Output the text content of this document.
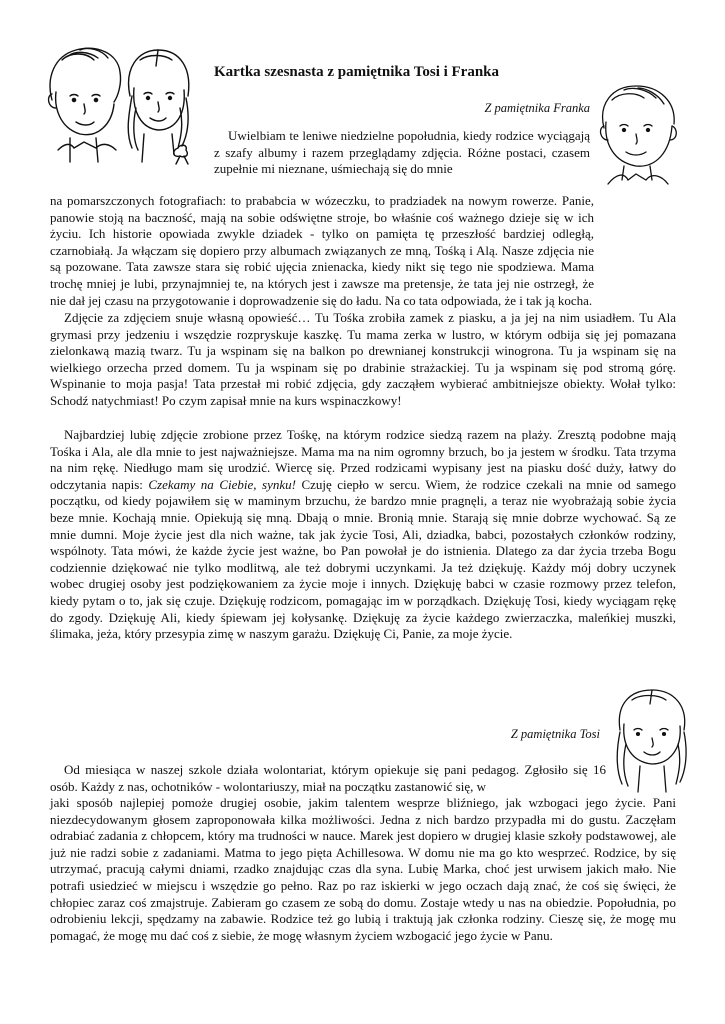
Kartka szesnasta z pamiętnika Tosi i Franka
Z pamiętnika Franka

Uwielbiam te leniwe niedzielne popołudnia, kiedy rodzice wyciągają z szafy albumy i razem przeglądamy zdjęcia. Różne postaci, czasem zupełnie mi nieznane, uśmiechają się do mnie

na pomarszczonych fotografiach: to prababcia w wózeczku, to pradziadek na nowym rowerze. Panie, panowie stoją na baczność, mają na sobie odświętne stroje, bo właśnie coś ważnego dzieje się w ich życiu. Ich historie opowiada zwykle dziadek - tylko on pamięta tę przeszłość bardziej odległą, czarnobiałą. Ja włączam się dopiero przy albumach związanych ze mną, Tośką i Alą. Nasze zdjęcia nie są pozowane. Tata zawsze stara się robić ujęcia znienacka, kiedy nikt się tego nie spodziewa. Mama trochę mniej je lubi, przynajmniej te, na których jest i zawsze ma pretensje, że tata jej nie ostrzegł, że nie dał jej czasu na przygotowanie i doprowadzenie się do ładu. Na co tata odpowiada, że i tak ją kocha.

Zdjęcie za zdjęciem snuje własną opowieść… Tu Tośka zrobiła zamek z piasku, a ja jej na nim usiadłem. Tu Ala grymasi przy jedzeniu i wszędzie rozpryskuje kaszkę. Tu mama zerka w lustro, w którym odbija się jej pomazana zielonkawą mazią twarz. Tu ja wspinam się na balkon po drewnianej konstrukcji winogrona. Tu ja wspinam się na wielkiego orzecha przed domem. Tu ja wspinam się po drabinie strażackiej. Tu ja wspinam się pod stromą górę. Wspinanie to moja pasja! Tata przestał mi robić zdjęcia, gdy zacząłem wybierać ambitniejsze obiekty. Wołał tylko: Schodź natychmiast! Po czym zapisał mnie na kurs wspinaczkowy!

Najbardziej lubię zdjęcie zrobione przez Tośkę, na którym rodzice siedzą razem na plaży. Zresztą podobne mają Tośka i Ala, ale dla mnie to jest najważniejsze. Mama ma na nim ogromny brzuch, bo ja jestem w środku. Tata trzyma na nim rękę. Niedługo mam się urodzić. Wiercę się. Przed rodzicami wypisany jest na piasku dość duży, łatwy do odczytania napis: Czekamy na Ciebie, synku! Czuję ciepło w sercu. Wiem, że rodzice czekali na mnie od samego początku, od kiedy pojawiłem się w maminym brzuchu, że bardzo mnie pragnęli, a teraz nie wyobrażają sobie życia beze mnie. Kochają mnie. Opiekują się mną. Dbają o mnie. Bronią mnie. Starają się mnie dobrze wychować. Są ze mnie dumni. Moje życie jest dla nich ważne, tak jak życie Tosi, Ali, dziadka, babci, pozostałych członków rodziny, wspólnoty. Tata mówi, że każde życie jest ważne, bo Pan powołał je do istnienia. Dlatego za dar życia trzeba Bogu codziennie dziękować nie tylko modlitwą, ale też dobrymi uczynkami. Ja też dziękuję. Każdy mój dobry uczynek wobec drugiej osoby jest podziękowaniem za życie moje i innych. Dziękuję babci w czasie rozmowy przez telefon, kiedy pytam o to, jak się czuje. Dziękuję rodzicom, pomagając im w porządkach. Dziękuję Tosi, kiedy wyciągam rękę do zgody. Dziękuję Ali, kiedy śpiewam jej kołysankę. Dziękuję za życie każdego zwierzaczka, maleńkiej muszki, ślimaka, jeża, który przesypia zimę w naszym garażu. Dziękuję Ci, Panie, za moje życie.

Z pamiętnika Tosi

Od miesiąca w naszej szkole działa wolontariat, którym opiekuje się pani pedagog. Zgłosiło się 16 osób. Każdy z nas, ochotników - wolontariuszy, miał na początku zastanowić się, w

jaki sposób najlepiej pomoże drugiej osobie, jakim talentem wesprze bliźniego, jak wzbogaci jego życie. Pani niezdecydowanym głosem zaproponowała kilka możliwości. Jedna z nich bardzo przypadła mi do gustu. Zaczęłam odrabiać zadania z chłopcem, który ma trudności w nauce. Marek jest dopiero w drugiej klasie szkoły podstawowej, ale już nie radzi sobie z zadaniami. Matma to jego pięta Achillesowa. W domu nie ma go kto wesprzeć. Rodzice, by się utrzymać, pracują całymi dniami, rzadko znajdując czas dla syna. Lubię Marka, choć jest urwisem jakich mało. Nie potrafi usiedzieć w miejscu i wszędzie go pełno. Raz po raz iskierki w jego oczach dają znać, że coś się święci, że chłopiec zaraz coś zmajstruje. Zabieram go czasem ze sobą do domu. Zostaje wtedy u nas na obiedzie. Popołudnia, po odrobieniu lekcji, spędzamy na zabawie. Rodzice też go lubią i traktują jak członka rodziny. Cieszę się, że mogę mu pomagać, że mogę mu dać coś z siebie, że mogę własnym życiem wzbogacić jego życie w Panu.
